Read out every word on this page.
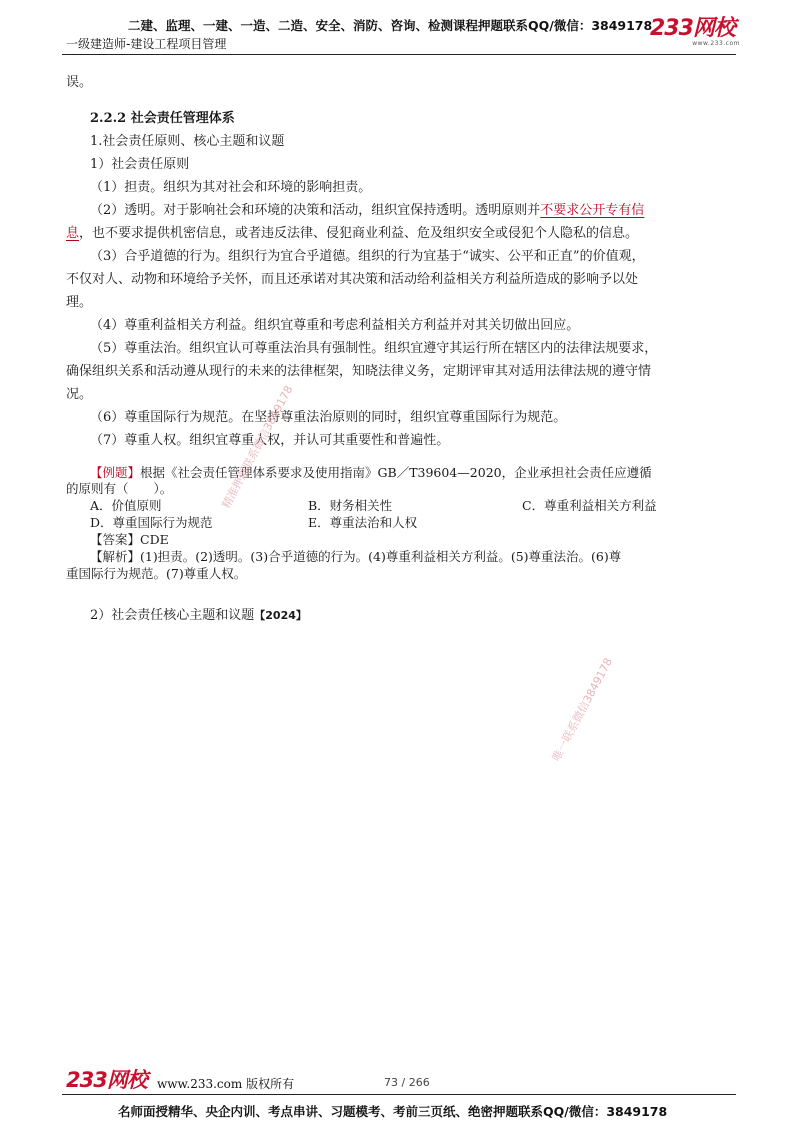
二建、监理、一建、一造、二造、安全、消防、咨询、检测课程押题联系QQ/微信：3849178
一级建造师-建设工程项目管理
233网校
www.233.com
误。
2.2.2 社会责任管理体系
1.社会责任原则、核心主题和议题
1）社会责任原则
（1）担责。组织为其对社会和环境的影响担责。
（2）透明。对于影响社会和环境的决策和活动，组织宜保持透明。透明原则并不要求公开专有信
息，也不要求提供机密信息，或者违反法律、侵犯商业利益、危及组织安全或侵犯个人隐私的信息。
（3）合乎道德的行为。组织行为宜合乎道德。组织的行为宜基于“诚实、公平和正直”的价值观，
不仅对人、动物和环境给予关怀，而且还承诺对其决策和活动给利益相关方利益所造成的影响予以处
理。
（4）尊重利益相关方利益。组织宜尊重和考虑利益相关方利益并对其关切做出回应。
（5）尊重法治。组织宜认可尊重法治具有强制性。组织宜遵守其运行所在辖区内的法律法规要求，
确保组织关系和活动遵从现行的未来的法律框架，知晓法律义务，定期评审其对适用法律法规的遵守情
况。
（6）尊重国际行为规范。在坚持尊重法治原则的同时，组织宜尊重国际行为规范。
（7）尊重人权。组织宜尊重人权，并认可其重要性和普遍性。
【例题】根据《社会责任管理体系要求及使用指南》GB／T39604—2020，企业承担社会责任应遵循
的原则有（　　）。
A．价值原则	B．财务相关性	C．尊重利益相关方利益
D．尊重国际行为规范	E．尊重法治和人权
【答案】CDE
【解析】(1)担责。(2)透明。(3)合乎道德的行为。(4)尊重利益相关方利益。(5)尊重法治。(6)尊
重国际行为规范。(7)尊重人权。
2）社会责任核心主题和议题【2024】
精准押题联系微信3849178
唯一联系微信3849178
233网校 www.233.com 版权所有	73 / 266
名师面授精华、央企内训、考点串讲、习题模考、考前三页纸、绝密押题联系QQ/微信：3849178
